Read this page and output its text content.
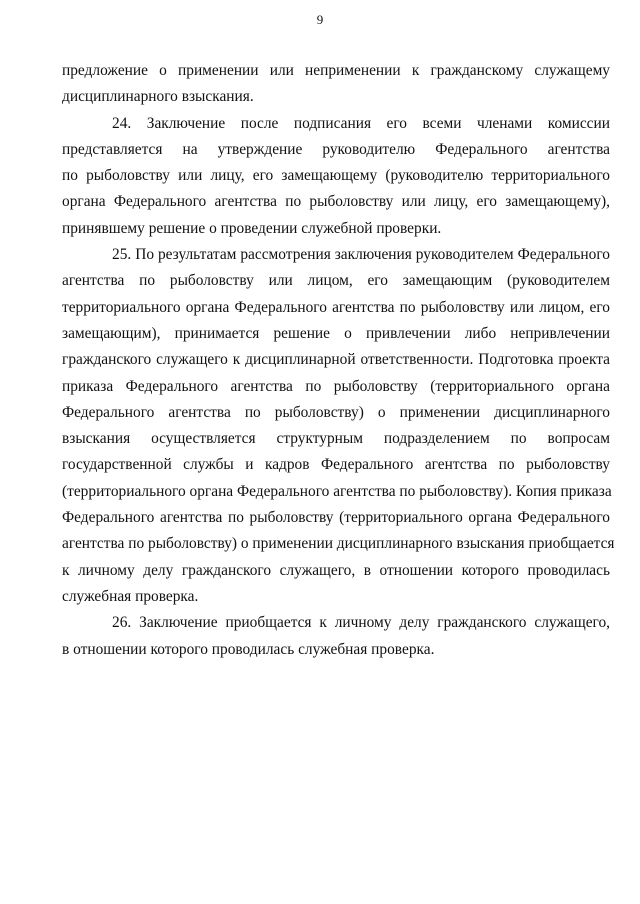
9
предложение о применении или неприменении к гражданскому служащему
дисциплинарного взыскания.
24. Заключение после подписания его всеми членами комиссии
представляется на утверждение руководителю Федерального агентства
по рыболовству или лицу, его замещающему (руководителю территориального
органа Федерального агентства по рыболовству или лицу, его замещающему),
принявшему решение о проведении служебной проверки.
25. По результатам рассмотрения заключения руководителем Федерального
агентства по рыболовству или лицом, его замещающим (руководителем
территориального органа Федерального агентства по рыболовству или лицом, его
замещающим), принимается решение о привлечении либо непривлечении
гражданского служащего к дисциплинарной ответственности. Подготовка проекта
приказа Федерального агентства по рыболовству (территориального органа
Федерального агентства по рыболовству) о применении дисциплинарного
взыскания осуществляется структурным подразделением по вопросам
государственной службы и кадров Федерального агентства по рыболовству
(территориального органа Федерального агентства по рыболовству). Копия приказа
Федерального агентства по рыболовству (территориального органа Федерального
агентства по рыболовству) о применении дисциплинарного взыскания приобщается
к личному делу гражданского служащего, в отношении которого проводилась
служебная проверка.
26. Заключение приобщается к личному делу гражданского служащего,
в отношении которого проводилась служебная проверка.
